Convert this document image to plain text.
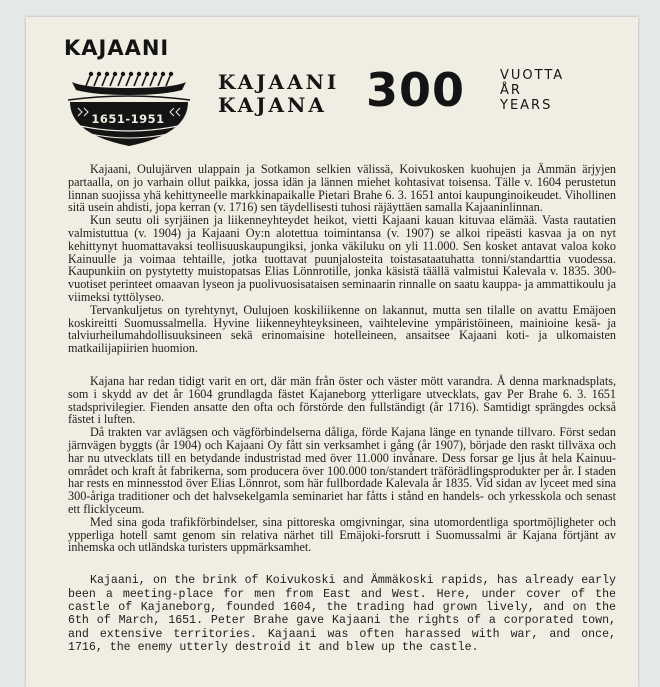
KAJAANI
1651-1951
KAJAANI
KAJANA 300	VUOTTA
ÅR
YEARS

Kajaani, Oulujärven ulappain ja Sotkamon selkien välissä, Koivukosken kuohujen ja Ämmän ärjyjen partaalla, on jo varhain ollut paikka, jossa idän ja lännen miehet kohtasivat toisensa. Tälle v. 1604 perustetun linnan suojissa yhä kehittyneelle markkinapaikalle Pietari Brahe 6. 3. 1651 antoi kaupunginoikeudet. Vihollinen sitä usein ahdisti, jopa kerran (v. 1716) sen täydellisesti tuhosi räjäyttäen samalla Kajaaninlinnan.

Kun seutu oli syrjäinen ja liikenneyhteydet heikot, vietti Kajaani kauan kituvaa elämää. Vasta rautatien valmistuttua (v. 1904) ja Kajaani Oy:n alotettua toimintansa (v. 1907) se alkoi ripeästi kasvaa ja on nyt kehittynyt huomattavaksi teollisuuskaupungiksi, jonka väkiluku on yli 11.000. Sen kosket antavat valoa koko Kainuulle ja voimaa tehtaille, jotka tuottavat puunjalosteita toistasataatuhatta tonni/standarttia vuodessa. Kaupunkiin on pystytetty muistopatsas Elias Lönnrotille, jonka käsistä täällä valmistui Kalevala v. 1835. 300-vuotiset perinteet omaavan lyseon ja puolivuosisataisen seminaarin rinnalle on saatu kauppa- ja ammattikoulu ja viimeksi tyttölyseo.

Tervankuljetus on tyrehtynyt, Oulujoen koskiliikenne on lakannut, mutta sen tilalle on avattu Emäjoen koskireitti Suomussalmella. Hyvine liikenneyhteyksineen, vaihtelevine ympäristöineen, mainioine kesä- ja talviurheilumahdollisuuksineen sekä erinomaisine hotelleineen, ansaitsee Kajaani koti- ja ulkomaisten matkailijapiirien huomion.

Kajana har redan tidigt varit en ort, där män från öster och väster mött varandra. Å denna marknadsplats, som i skydd av det år 1604 grundlagda fästet Kajaneborg ytterligare utvecklats, gav Per Brahe 6. 3. 1651 stadsprivilegier. Fienden ansatte den ofta och förstörde den fullständigt (år 1716). Samtidigt sprängdes också fästet i luften.

Då trakten var avlägsen och vägförbindelserna dåliga, förde Kajana länge en tynande tillvaro. Först sedan järnvägen byggts (år 1904) och Kajaani Oy fått sin verksamhet i gång (år 1907), började den raskt tillväxa och har nu utvecklats till en betydande industristad med över 11.000 invånare. Dess forsar ge ljus åt hela Kainuu-området och kraft åt fabrikerna, som producera över 100.000 ton/standert träförädlingsprodukter per år. I staden har rests en minnesstod över Elias Lönnrot, som här fullbordade Kalevala år 1835. Vid sidan av lyceet med sina 300-åriga traditioner och det halvsekelgamla seminariet har fåtts i stånd en handels- och yrkesskola och senast ett flicklyceum.

Med sina goda trafikförbindelser, sina pittoreska omgivningar, sina utomordentliga sportmöjligheter och ypperliga hotell samt genom sin relativa närhet till Emäjoki-forsrutt i Suomussalmi är Kajana förtjänt av inhemska och utländska turisters uppmärksamhet.

Kajaani, on the brink of Koivukoski and Ämmäkoski rapids, has already early been a meeting-place for men from East and West. Here, under cover of the castle of Kajaneborg, founded 1604, the trading had grown lively, and on the 6th of March, 1651. Peter Brahe gave Kajaani the rights of a corporated town, and extensive territories. Kajaani was often harassed with war, and once, 1716, the enemy utterly destroid it and blew up the castle.
